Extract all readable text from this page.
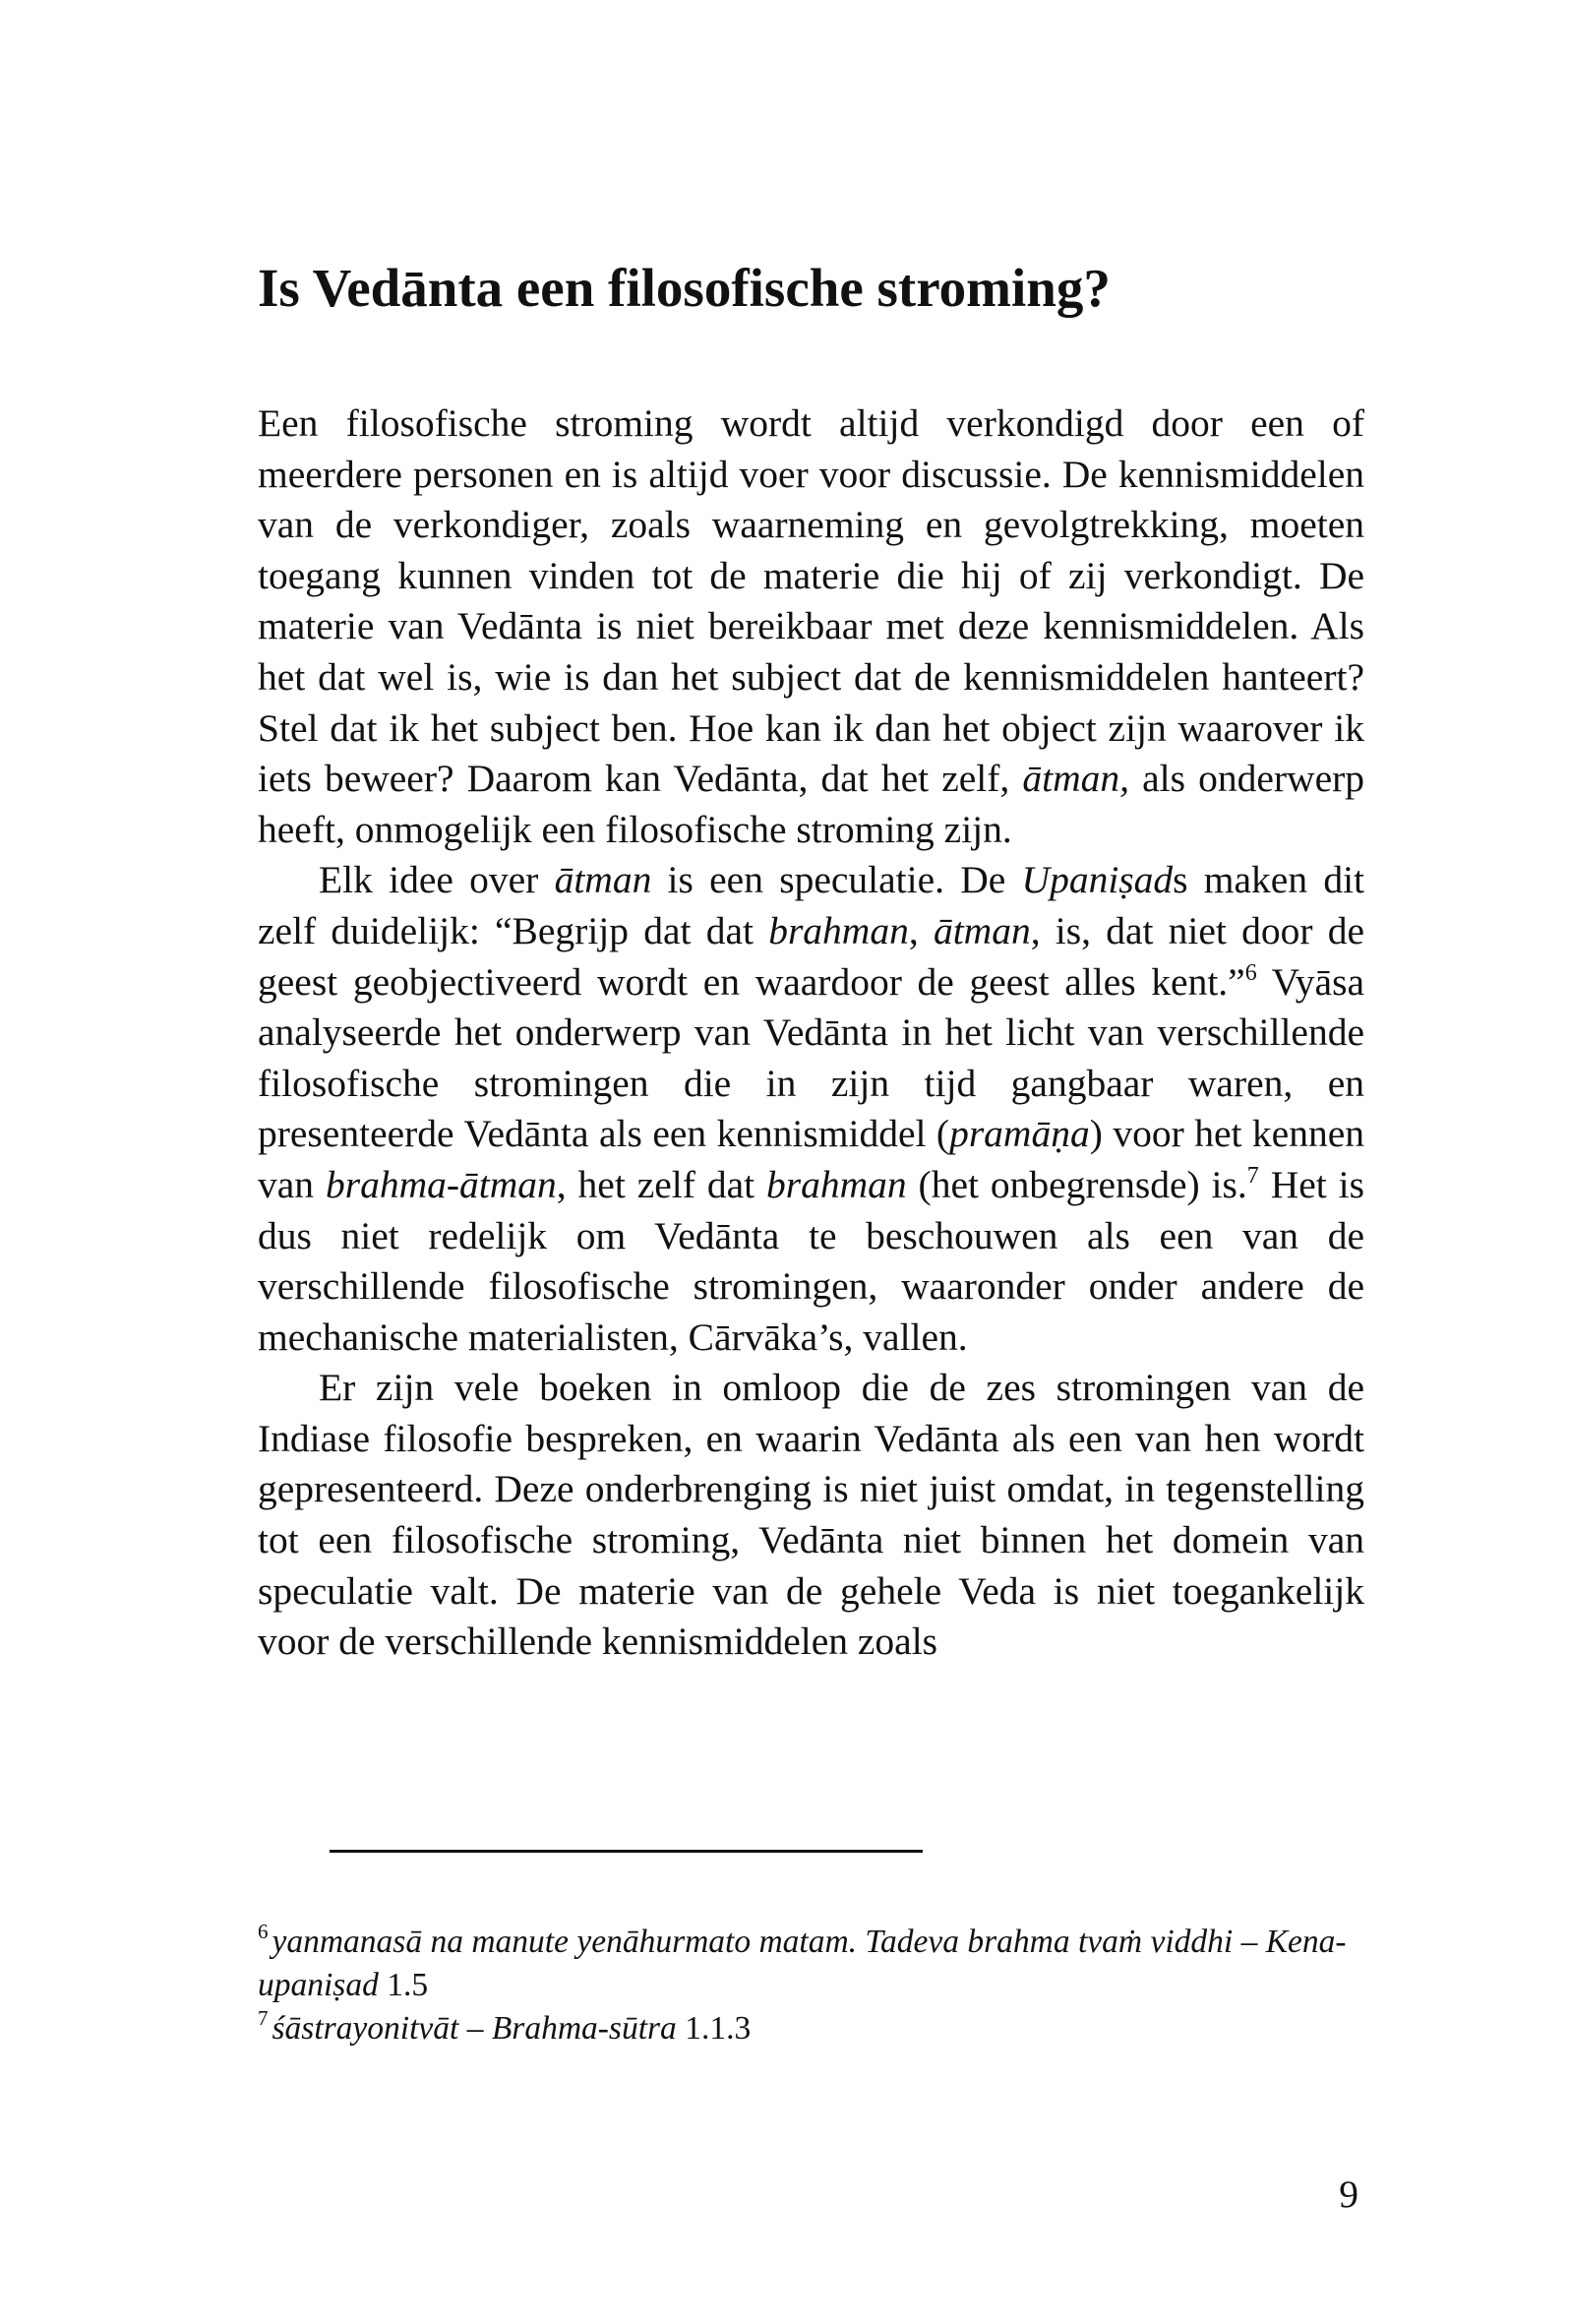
Is Vedānta een filosofische stroming?

Een filosofische stroming wordt altijd verkondigd door een of meerdere personen en is altijd voer voor discussie. De kennismiddelen van de verkondiger, zoals waarneming en gevolgtrekking, moeten toegang kunnen vinden tot de materie die hij of zij verkondigt. De materie van Vedānta is niet bereikbaar met deze kennismiddelen. Als het dat wel is, wie is dan het subject dat de kennismiddelen hanteert? Stel dat ik het subject ben. Hoe kan ik dan het object zijn waarover ik iets beweer? Daarom kan Vedānta, dat het zelf, ātman, als onderwerp heeft, onmogelijk een filosofische stroming zijn.

Elk idee over ātman is een speculatie. De Upaniṣads maken dit zelf duidelijk: “Begrijp dat dat brahman, ātman, is, dat niet door de geest geobjectiveerd wordt en waardoor de geest alles kent.”$^6$ Vyāsa analyseerde het onderwerp van Vedānta in het licht van verschillende filosofische stromingen die in zijn tijd gangbaar waren, en presenteerde Vedānta als een kennismiddel (pramāṇa) voor het kennen van brahma-ātman, het zelf dat brahman (het onbegrensde) is.$^7$ Het is dus niet redelijk om Vedānta te beschouwen als een van de verschillende filosofische stromingen, waaronder onder andere de mechanische materialisten, Cārvāka’s, vallen.

Er zijn vele boeken in omloop die de zes stromingen van de Indiase filosofie bespreken, en waarin Vedānta als een van hen wordt gepresenteerd. Deze onderbrenging is niet juist omdat, in tegenstelling tot een filosofische stroming, Vedānta niet binnen het domein van speculatie valt. De materie van de gehele Veda is niet toegankelijk voor de verschillende kennismiddelen zoals

$^6$ yanmanasā na manute yenāhurmato matam. Tadeva brahma tvaṁ viddhi – Kena-upaniṣad 1.5

$^7$ śāstrayonitvāt – Brahma-sūtra 1.1.3

9
